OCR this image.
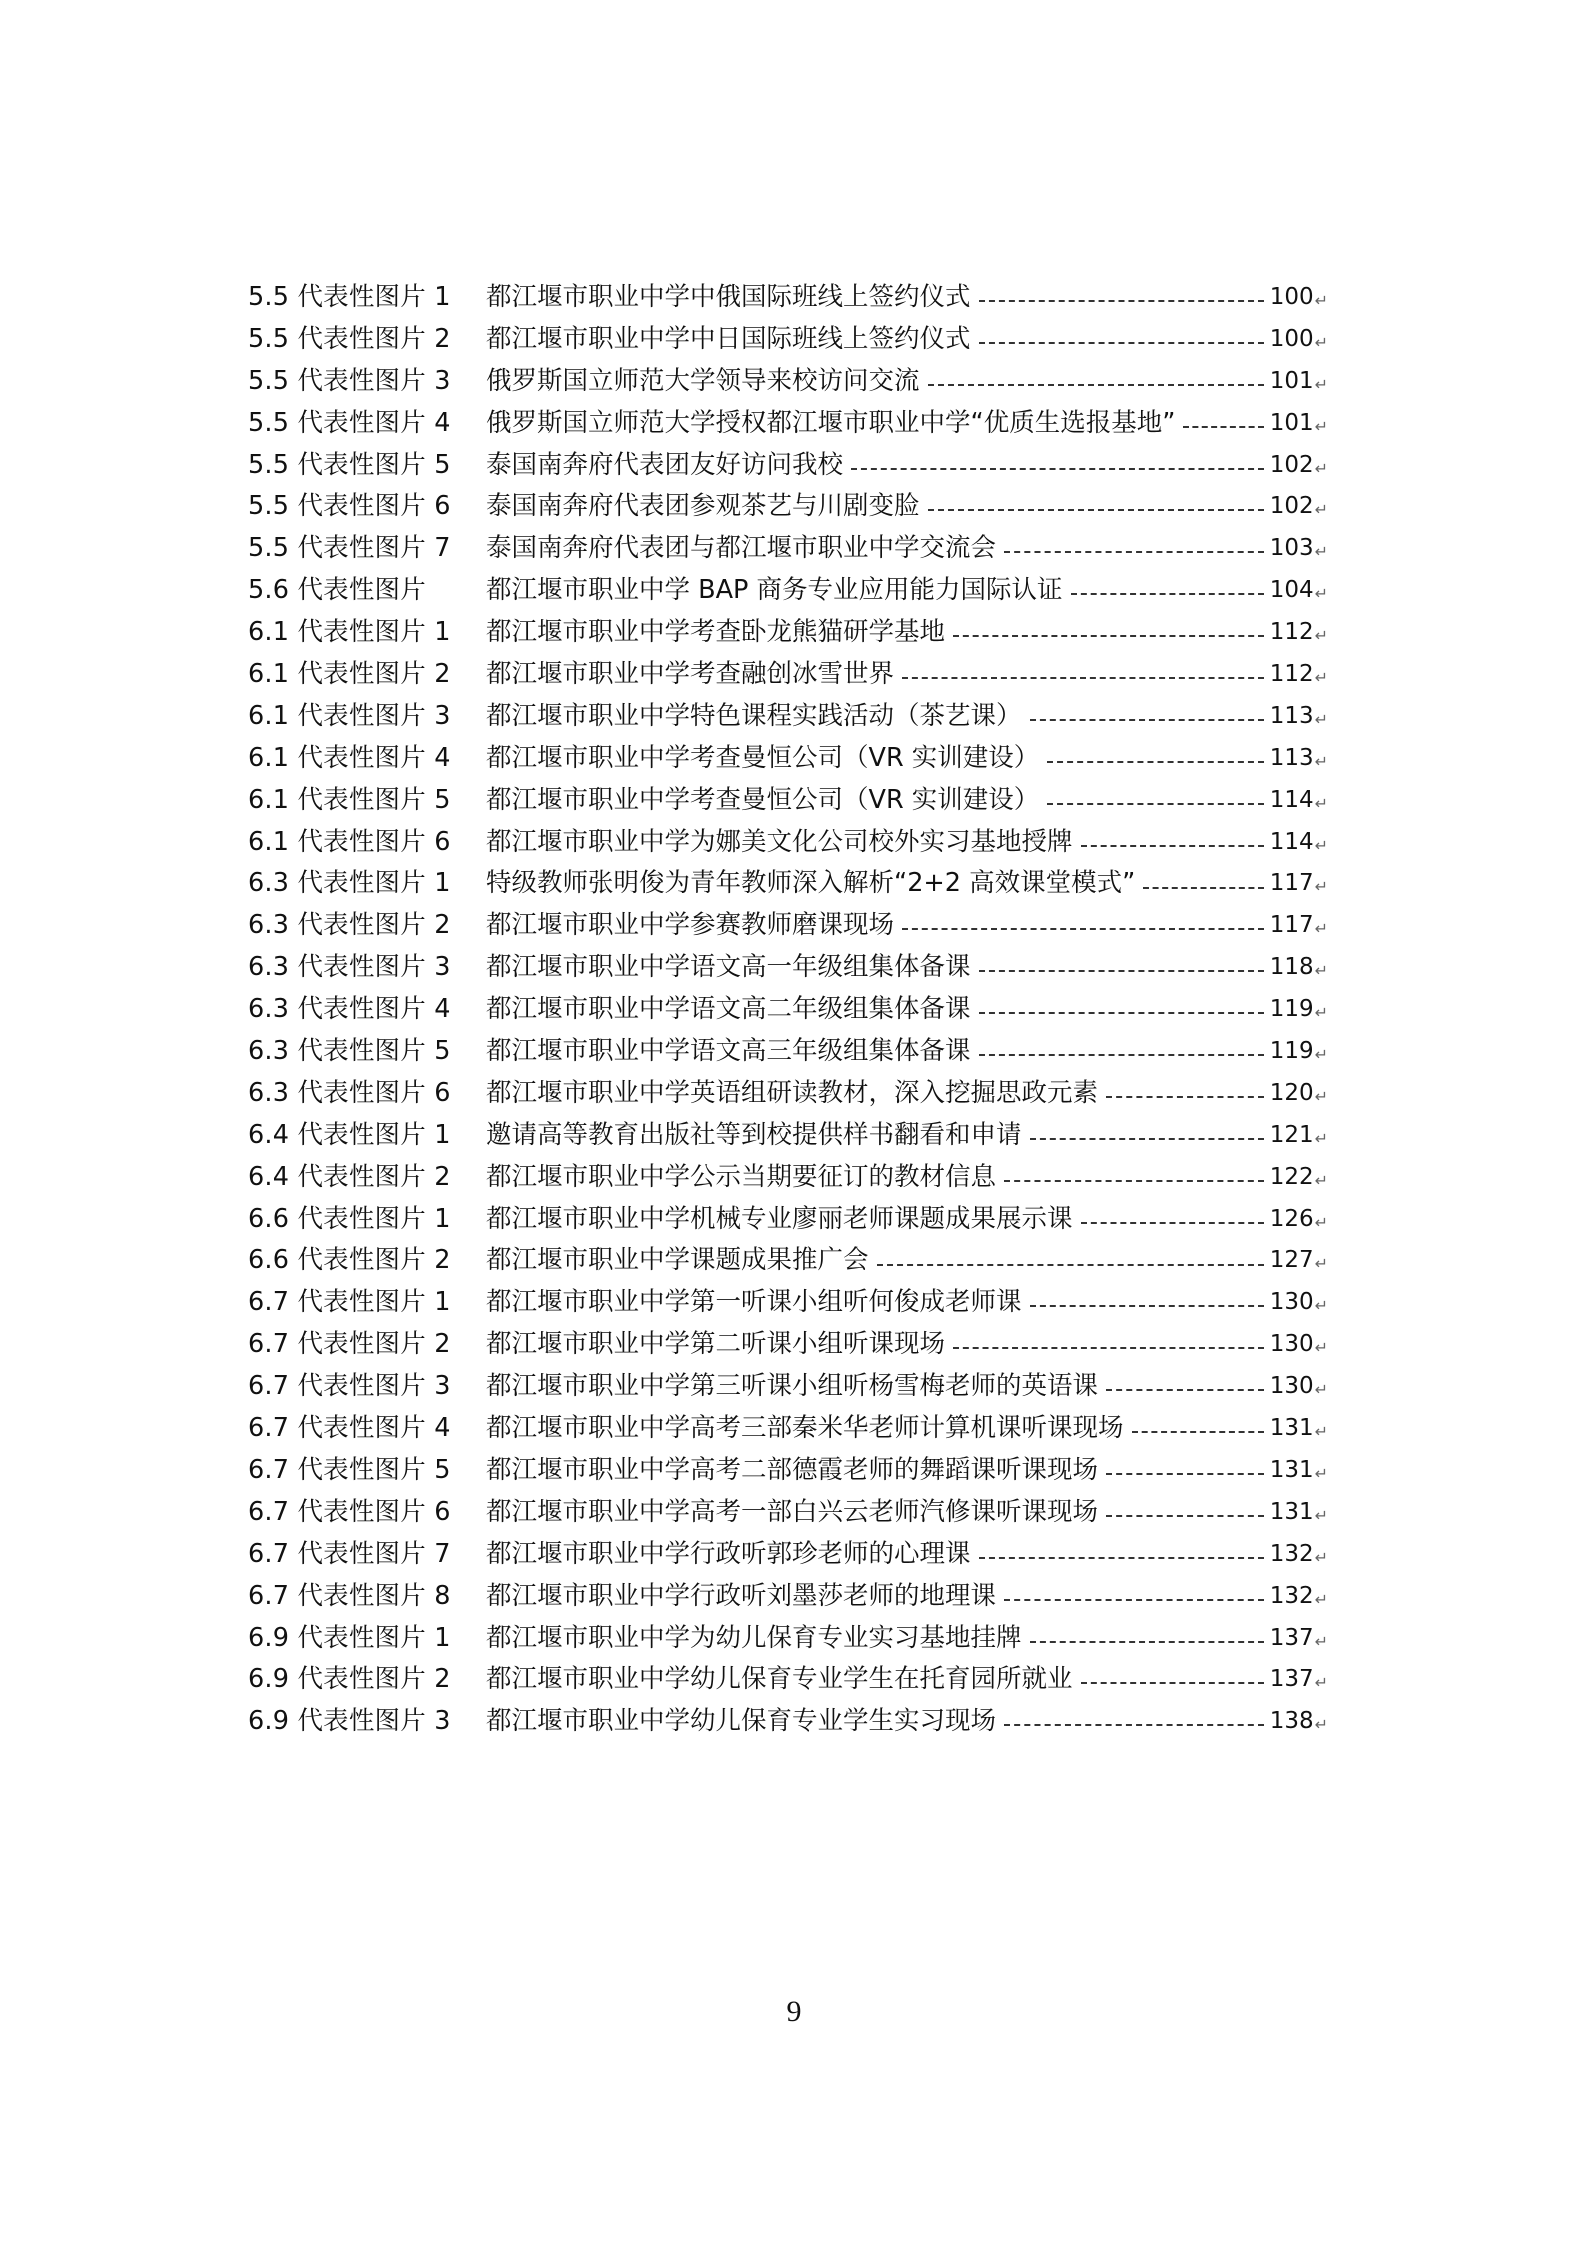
5.5 代表性图片 1	都江堰市职业中学中俄国际班线上签约仪式	100 ↵
5.5 代表性图片 2	都江堰市职业中学中日国际班线上签约仪式	100 ↵
5.5 代表性图片 3	俄罗斯国立师范大学领导来校访问交流	101 ↵
5.5 代表性图片 4	俄罗斯国立师范大学授权都江堰市职业中学“优质生选报基地”	101 ↵
5.5 代表性图片 5	泰国南奔府代表团友好访问我校	102 ↵
5.5 代表性图片 6	泰国南奔府代表团参观茶艺与川剧变脸	102 ↵
5.5 代表性图片 7	泰国南奔府代表团与都江堰市职业中学交流会	103 ↵
5.6 代表性图片	都江堰市职业中学 BAP 商务专业应用能力国际认证	104 ↵
6.1 代表性图片 1	都江堰市职业中学考查卧龙熊猫研学基地	112 ↵
6.1 代表性图片 2	都江堰市职业中学考查融创冰雪世界	112 ↵
6.1 代表性图片 3	都江堰市职业中学特色课程实践活动（茶艺课）	113 ↵
6.1 代表性图片 4	都江堰市职业中学考查曼恒公司（VR 实训建设）	113 ↵
6.1 代表性图片 5	都江堰市职业中学考查曼恒公司（VR 实训建设）	114 ↵
6.1 代表性图片 6	都江堰市职业中学为娜美文化公司校外实习基地授牌	114 ↵
6.3 代表性图片 1	特级教师张明俊为青年教师深入解析“2+2 高效课堂模式”	117 ↵
6.3 代表性图片 2	都江堰市职业中学参赛教师磨课现场	117 ↵
6.3 代表性图片 3	都江堰市职业中学语文高一年级组集体备课	118 ↵
6.3 代表性图片 4	都江堰市职业中学语文高二年级组集体备课	119 ↵
6.3 代表性图片 5	都江堰市职业中学语文高三年级组集体备课	119 ↵
6.3 代表性图片 6	都江堰市职业中学英语组研读教材，深入挖掘思政元素	120 ↵
6.4 代表性图片 1	邀请高等教育出版社等到校提供样书翻看和申请	121 ↵
6.4 代表性图片 2	都江堰市职业中学公示当期要征订的教材信息	122 ↵
6.6 代表性图片 1	都江堰市职业中学机械专业廖丽老师课题成果展示课	126 ↵
6.6 代表性图片 2	都江堰市职业中学课题成果推广会	127 ↵
6.7 代表性图片 1	都江堰市职业中学第一听课小组听何俊成老师课	130 ↵
6.7 代表性图片 2	都江堰市职业中学第二听课小组听课现场	130 ↵
6.7 代表性图片 3	都江堰市职业中学第三听课小组听杨雪梅老师的英语课	130 ↵
6.7 代表性图片 4	都江堰市职业中学高考三部秦米华老师计算机课听课现场	131 ↵
6.7 代表性图片 5	都江堰市职业中学高考二部德霞老师的舞蹈课听课现场	131 ↵
6.7 代表性图片 6	都江堰市职业中学高考一部白兴云老师汽修课听课现场	131 ↵
6.7 代表性图片 7	都江堰市职业中学行政听郭珍老师的心理课	132 ↵
6.7 代表性图片 8	都江堰市职业中学行政听刘墨莎老师的地理课	132 ↵
6.9 代表性图片 1	都江堰市职业中学为幼儿保育专业实习基地挂牌	137 ↵
6.9 代表性图片 2	都江堰市职业中学幼儿保育专业学生在托育园所就业	137 ↵
6.9 代表性图片 3	都江堰市职业中学幼儿保育专业学生实习现场	138 ↵
9
